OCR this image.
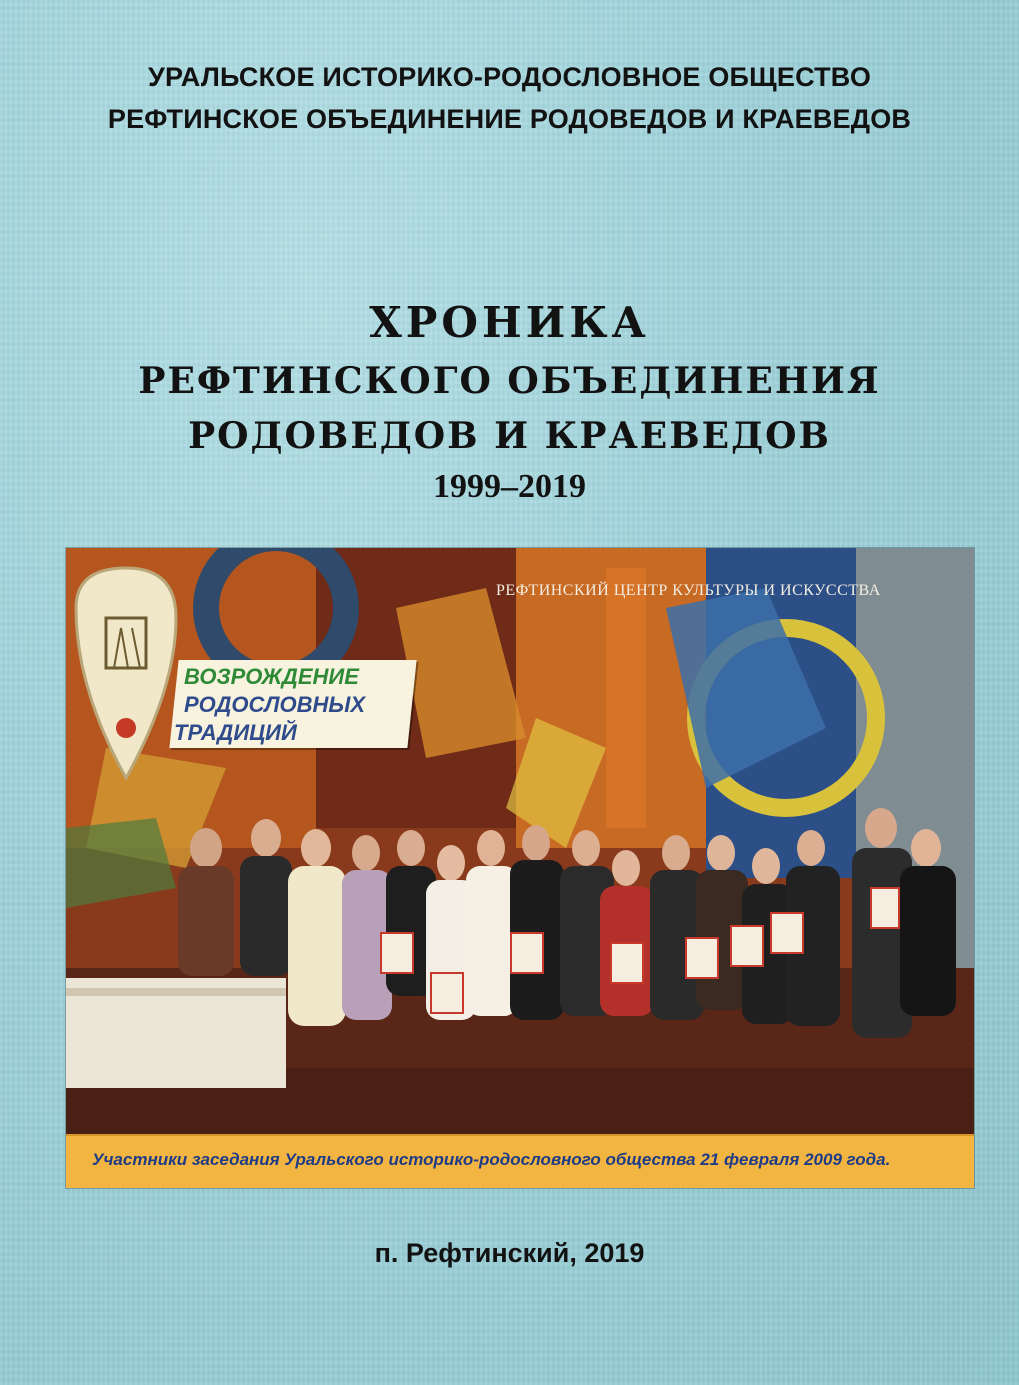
УРАЛЬСКОЕ ИСТОРИКО-РОДОСЛОВНОЕ ОБЩЕСТВО
РЕФТИНСКОЕ ОБЪЕДИНЕНИЕ РОДОВЕДОВ И КРАЕВЕДОВ
ХРОНИКА
РЕФТИНСКОГО ОБЪЕДИНЕНИЯ
РОДОВЕДОВ И КРАЕВЕДОВ
1999–2019
РЕФТИНСКИЙ ЦЕНТР КУЛЬТУРЫ И ИСКУССТВА
ВОЗРОЖДЕНИЕ
РОДОСЛОВНЫХ
ТРАДИЦИЙ
Участники заседания Уральского историко-родословного общества 21 февраля 2009 года.
п. Рефтинский, 2019
